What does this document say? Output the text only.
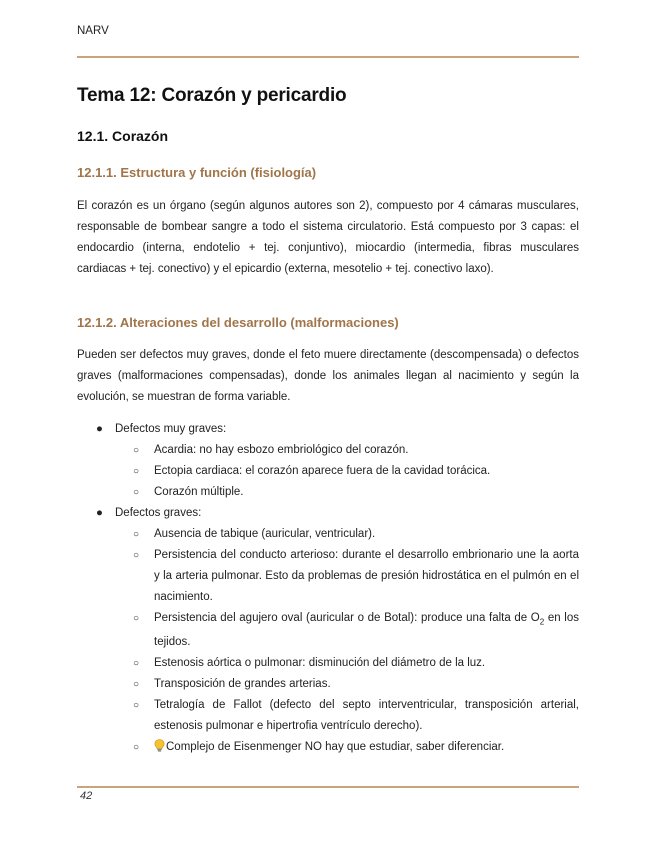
NARV
Tema 12: Corazón y pericardio
12.1. Corazón
12.1.1. Estructura y función (fisiología)

El corazón es un órgano (según algunos autores son 2), compuesto por 4 cámaras musculares, responsable de bombear sangre a todo el sistema circulatorio. Está compuesto por 3 capas: el endocardio (interna, endotelio + tej. conjuntivo), miocardio (intermedia, fibras musculares cardiacas + tej. conectivo) y el epicardio (externa, mesotelio + tej. conectivo laxo).

12.1.2. Alteraciones del desarrollo (malformaciones)

Pueden ser defectos muy graves, donde el feto muere directamente (descompensada) o defectos graves (malformaciones compensadas), donde los animales llegan al nacimiento y según la evolución, se muestran de forma variable.

● Defectos muy graves:
○ Acardia: no hay esbozo embriológico del corazón.
○ Ectopia cardiaca: el corazón aparece fuera de la cavidad torácica.
○ Corazón múltiple.
● Defectos graves:
○ Ausencia de tabique (auricular, ventricular).
○ Persistencia del conducto arterioso: durante el desarrollo embrionario une la aorta y la arteria pulmonar. Esto da problemas de presión hidrostática en el pulmón en el nacimiento.
○ Persistencia del agujero oval (auricular o de Botal): produce una falta de $O_2$ en los tejidos.
○ Estenosis aórtica o pulmonar: disminución del diámetro de la luz.
○ Transposición de grandes arterias.
○ Tetralogía de Fallot (defecto del septo interventricular, transposición arterial, estenosis pulmonar e hipertrofia ventrículo derecho).
○ Complejo de Eisenmenger NO hay que estudiar, saber diferenciar.
42
